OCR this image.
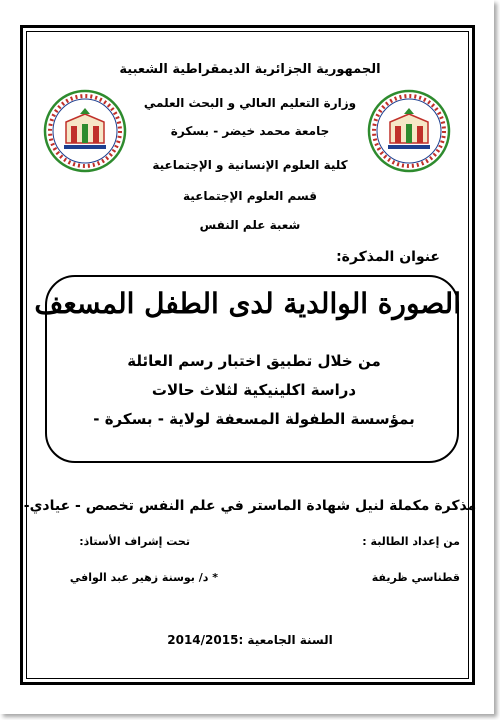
الجمهورية الجزائرية الديمقراطية الشعبية
وزارة التعليم العالي و البحث العلمي
جامعة محمد خيضر - بسكرة
كلية العلوم الإنسانية و الإجتماعية
قسم العلوم الإجتماعية
شعبة علم النفس
عنوان المذكرة:
الصورة الوالدية لدى الطفل المسعف
من خلال تطبيق اختبار رسم العائلة
دراسة اكلينيكية لثلاث حالات
بمؤسسة الطفولة المسعفة لولاية - بسكرة -
مذكرة مكملة لنيل شهادة الماستر في علم النفس تخصص - عيادي-
من إعداد الطالبة :
تحت إشراف الأستاذ:
قطناسي ظريفة
* د/ بوسنة زهير عبد الوافي
السنة الجامعية :2014/2015
